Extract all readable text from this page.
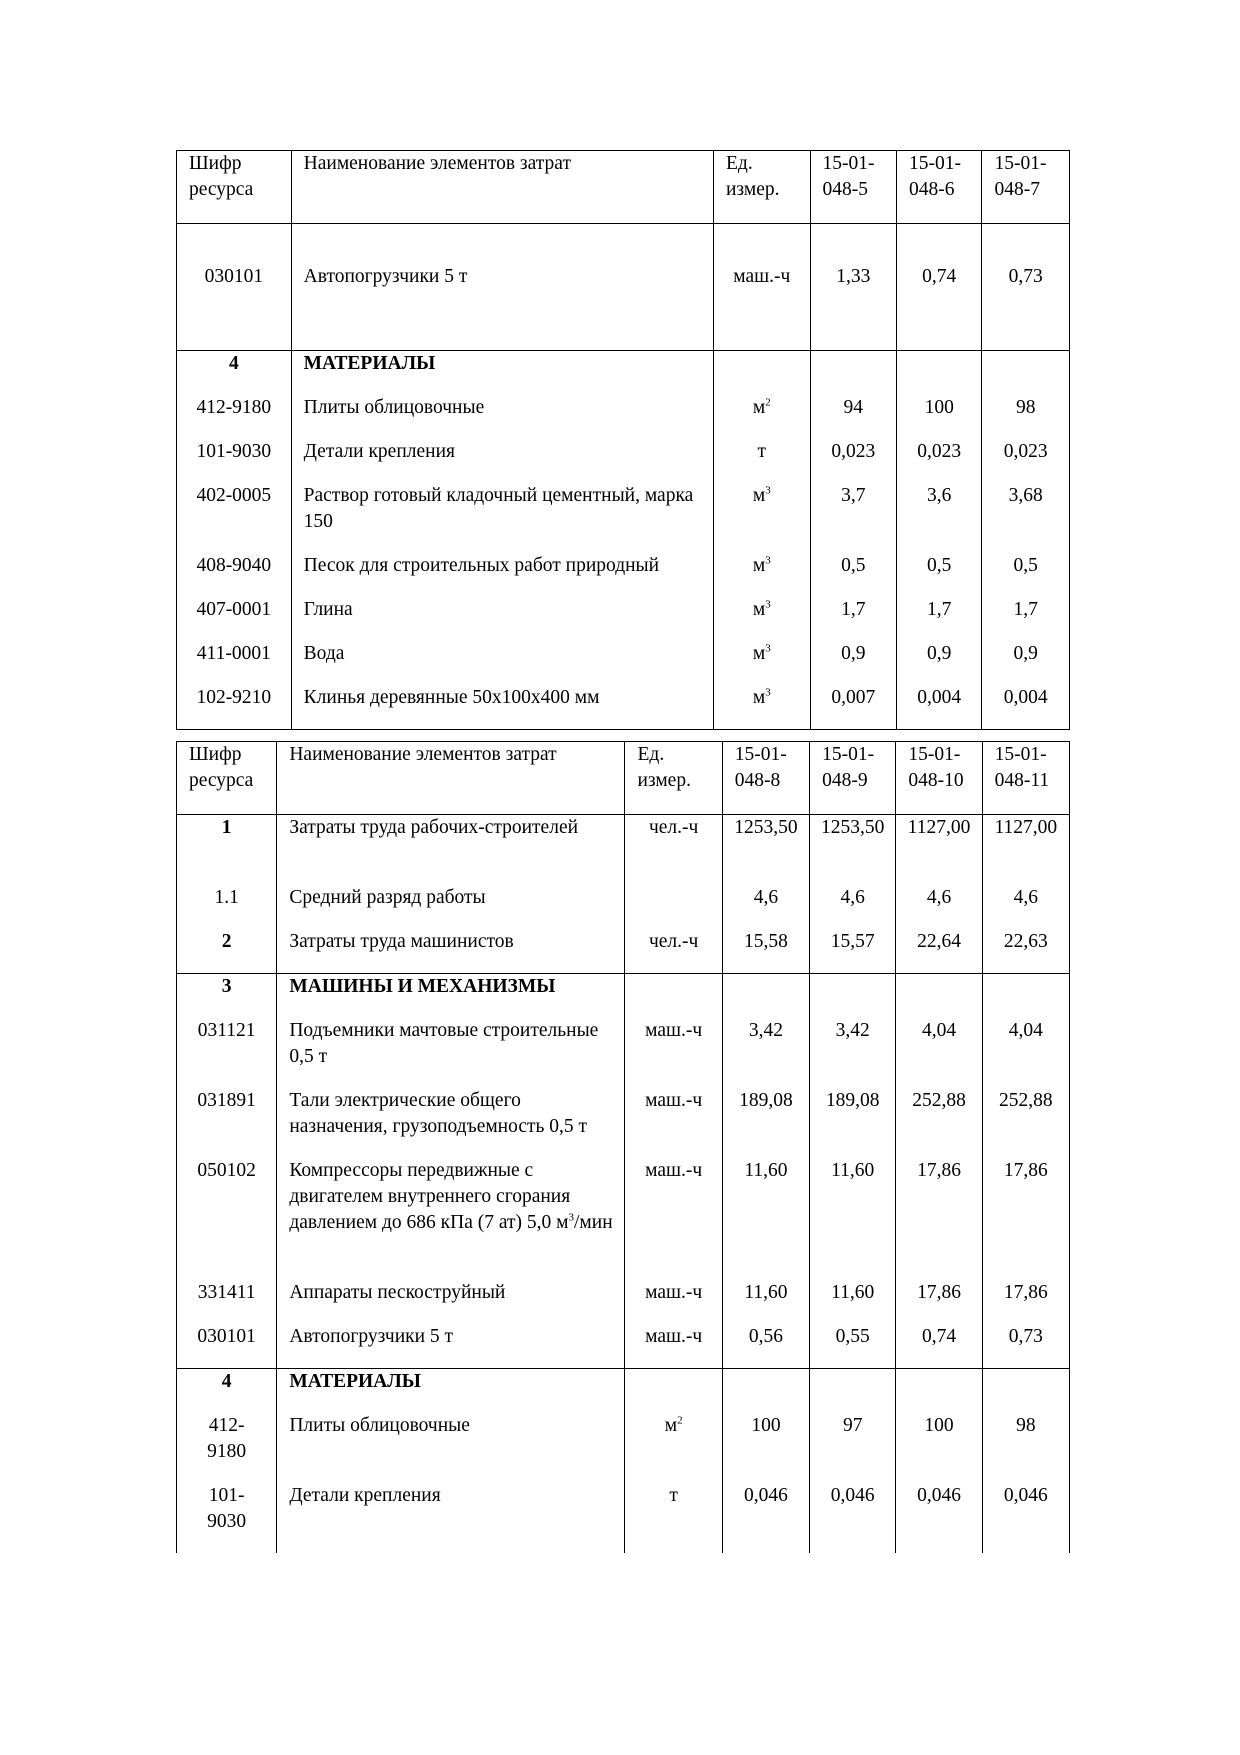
Шифр ресурса	Наименование элементов затрат	Ед. измер.	15-01-048-5	15-01-048-6	15-01-048-7
030101	Автопогрузчики 5 т	маш.-ч	1,33	0,74	0,73
4	МАТЕРИАЛЫ				
412-9180	Плиты облицовочные	$м^2$	94	100	98
101-9030	Детали крепления	т	0,023	0,023	0,023
402-0005	Раствор готовый кладочный цементный, марка 150	$м^3$	3,7	3,6	3,68
408-9040	Песок для строительных работ природный	$м^3$	0,5	0,5	0,5
407-0001	Глина	$м^3$	1,7	1,7	1,7
411-0001	Вода	$м^3$	0,9	0,9	0,9
102-9210	Клинья деревянные 50х100х400 мм	$м^3$	0,007	0,004	0,004
Шифр ресурса	Наименование элементов затрат	Ед. измер.	15-01-048-8	15-01-048-9	15-01-048-10	15-01-048-11
1	Затраты труда рабочих-строителей	чел.-ч	1253,50	1253,50	1127,00	1127,00
1.1	Средний разряд работы		4,6	4,6	4,6	4,6
2	Затраты труда машинистов	чел.-ч	15,58	15,57	22,64	22,63
3	МАШИНЫ И МЕХАНИЗМЫ					
031121	Подъемники мачтовые строительные 0,5 т	маш.-ч	3,42	3,42	4,04	4,04
031891	Тали электрические общего назначения, грузоподъемность 0,5 т	маш.-ч	189,08	189,08	252,88	252,88
050102	Компрессоры передвижные с двигателем внутреннего сгорания давлением до 686 кПа (7 ат) 5,0 $м^3$/мин	маш.-ч	11,60	11,60	17,86	17,86
331411	Аппараты пескоструйный	маш.-ч	11,60	11,60	17,86	17,86
030101	Автопогрузчики 5 т	маш.-ч	0,56	0,55	0,74	0,73
4	МАТЕРИАЛЫ					
412-9180	Плиты облицовочные	$м^2$	100	97	100	98
101-9030	Детали крепления	т	0,046	0,046	0,046	0,046
